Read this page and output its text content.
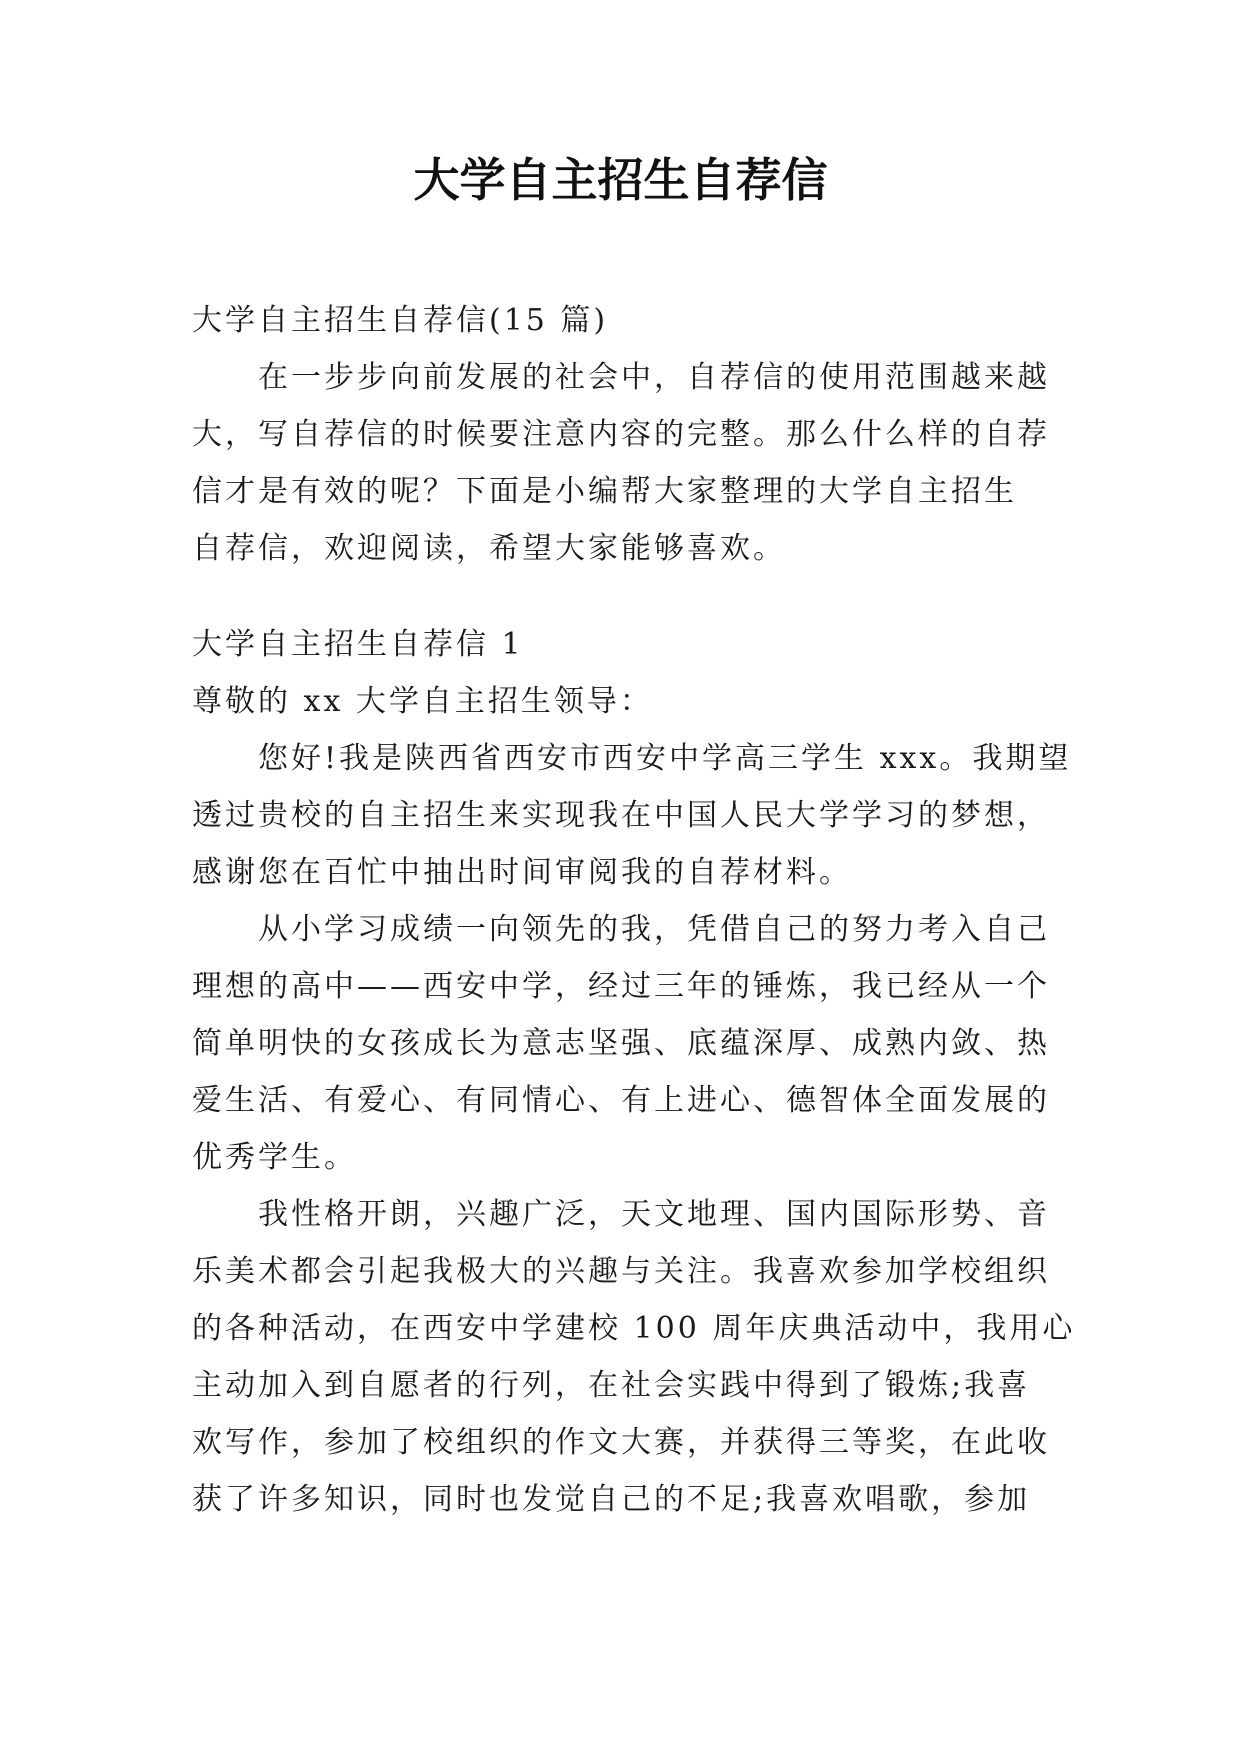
大学自主招生自荐信
大学自主招生自荐信(15 篇)
在一步步向前发展的社会中，自荐信的使用范围越来越
大，写自荐信的时候要注意内容的完整。那么什么样的自荐
信才是有效的呢？下面是小编帮大家整理的大学自主招生
自荐信，欢迎阅读，希望大家能够喜欢。
大学自主招生自荐信 1
尊敬的 xx 大学自主招生领导：
您好!我是陕西省西安市西安中学高三学生 xxx。我期望
透过贵校的自主招生来实现我在中国人民大学学习的梦想，
感谢您在百忙中抽出时间审阅我的自荐材料。
从小学习成绩一向领先的我，凭借自己的努力考入自己
理想的高中——西安中学，经过三年的锤炼，我已经从一个
简单明快的女孩成长为意志坚强、底蕴深厚、成熟内敛、热
爱生活、有爱心、有同情心、有上进心、德智体全面发展的
优秀学生。
我性格开朗，兴趣广泛，天文地理、国内国际形势、音
乐美术都会引起我极大的兴趣与关注。我喜欢参加学校组织
的各种活动，在西安中学建校 100 周年庆典活动中，我用心
主动加入到自愿者的行列，在社会实践中得到了锻炼;我喜
欢写作，参加了校组织的作文大赛，并获得三等奖，在此收
获了许多知识，同时也发觉自己的不足;我喜欢唱歌，参加
